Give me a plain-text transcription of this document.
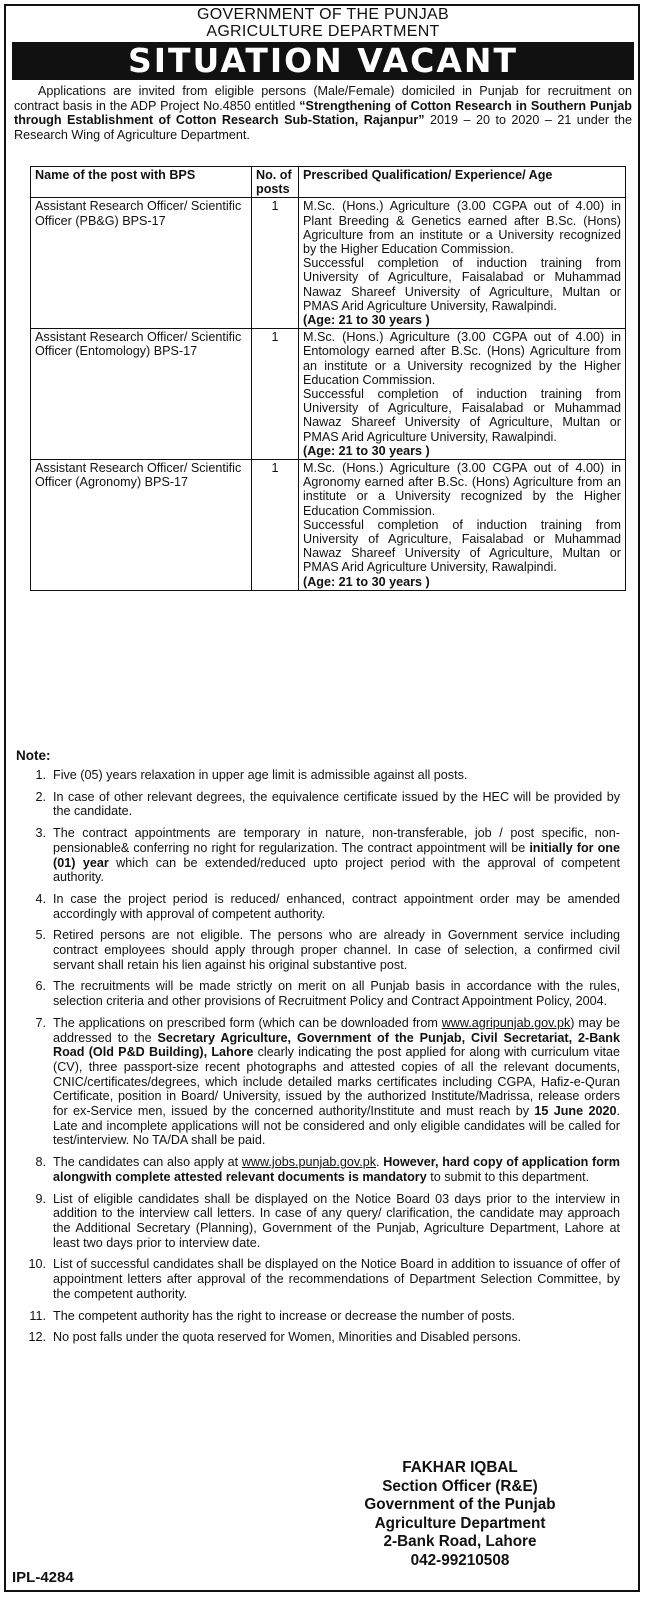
GOVERNMENT OF THE PUNJAB
AGRICULTURE DEPARTMENT
SITUATION VACANT
Applications are invited from eligible persons (Male/Female) domiciled in Punjab for recruitment on contract basis in the ADP Project No.4850 entitled “Strengthening of Cotton Research in Southern Punjab through Establishment of Cotton Research Sub-Station, Rajanpur” 2019 – 20 to 2020 – 21 under the Research Wing of Agriculture Department.
Name of the post with BPS	No. of posts	Prescribed Qualification/ Experience/ Age
Assistant Research Officer/ Scientific Officer (PB&G) BPS-17	1	M.Sc. (Hons.) Agriculture (3.00 CGPA out of 4.00) in Plant Breeding & Genetics earned after B.Sc. (Hons) Agriculture from an institute or a University recognized by the Higher Education Commission.
Successful completion of induction training from University of Agriculture, Faisalabad or Muhammad Nawaz Shareef University of Agriculture, Multan or PMAS Arid Agriculture University, Rawalpindi.
(Age: 21 to 30 years )

Assistant Research Officer/ Scientific Officer (Entomology) BPS-17	1	M.Sc. (Hons.) Agriculture (3.00 CGPA out of 4.00) in Entomology earned after B.Sc. (Hons) Agriculture from an institute or a University recognized by the Higher Education Commission.
Successful completion of induction training from University of Agriculture, Faisalabad or Muhammad Nawaz Shareef University of Agriculture, Multan or PMAS Arid Agriculture University, Rawalpindi.
(Age: 21 to 30 years )

Assistant Research Officer/ Scientific Officer (Agronomy) BPS-17	1	M.Sc. (Hons.) Agriculture (3.00 CGPA out of 4.00) in Agronomy earned after B.Sc. (Hons) Agriculture from an institute or a University recognized by the Higher Education Commission.
Successful completion of induction training from University of Agriculture, Faisalabad or Muhammad Nawaz Shareef University of Agriculture, Multan or PMAS Arid Agriculture University, Rawalpindi.
(Age: 21 to 30 years )
Note:
1. Five (05) years relaxation in upper age limit is admissible against all posts.
2. In case of other relevant degrees, the equivalence certificate issued by the HEC will be provided by the candidate.
3. The contract appointments are temporary in nature, non-transferable, job / post specific, non-pensionable& conferring no right for regularization. The contract appointment will be initially for one (01) year which can be extended/reduced upto project period with the approval of competent authority.
4. In case the project period is reduced/ enhanced, contract appointment order may be amended accordingly with approval of competent authority.
5. Retired persons are not eligible. The persons who are already in Government service including contract employees should apply through proper channel. In case of selection, a confirmed civil servant shall retain his lien against his original substantive post.
6. The recruitments will be made strictly on merit on all Punjab basis in accordance with the rules, selection criteria and other provisions of Recruitment Policy and Contract Appointment Policy, 2004.
7. The applications on prescribed form (which can be downloaded from www.agripunjab.gov.pk) may be addressed to the Secretary Agriculture, Government of the Punjab, Civil Secretariat, 2-Bank Road (Old P&D Building), Lahore clearly indicating the post applied for along with curriculum vitae (CV), three passport-size recent photographs and attested copies of all the relevant documents, CNIC/certificates/degrees, which include detailed marks certificates including CGPA, Hafiz-e-Quran Certificate, position in Board/ University, issued by the authorized Institute/Madrissa, release orders for ex-Service men, issued by the concerned authority/Institute and must reach by 15 June 2020. Late and incomplete applications will not be considered and only eligible candidates will be called for test/interview. No TA/DA shall be paid.
8. The candidates can also apply at www.jobs.punjab.gov.pk. However, hard copy of application form alongwith complete attested relevant documents is mandatory to submit to this department.
9. List of eligible candidates shall be displayed on the Notice Board 03 days prior to the interview in addition to the interview call letters. In case of any query/ clarification, the candidate may approach the Additional Secretary (Planning), Government of the Punjab, Agriculture Department, Lahore at least two days prior to interview date.
10. List of successful candidates shall be displayed on the Notice Board in addition to issuance of offer of appointment letters after approval of the recommendations of Department Selection Committee, by the competent authority.
11. The competent authority has the right to increase or decrease the number of posts.
12. No post falls under the quota reserved for Women, Minorities and Disabled persons.
FAKHAR IQBAL
Section Officer (R&E)
Government of the Punjab
Agriculture Department
2-Bank Road, Lahore
042-99210508
IPL-4284
